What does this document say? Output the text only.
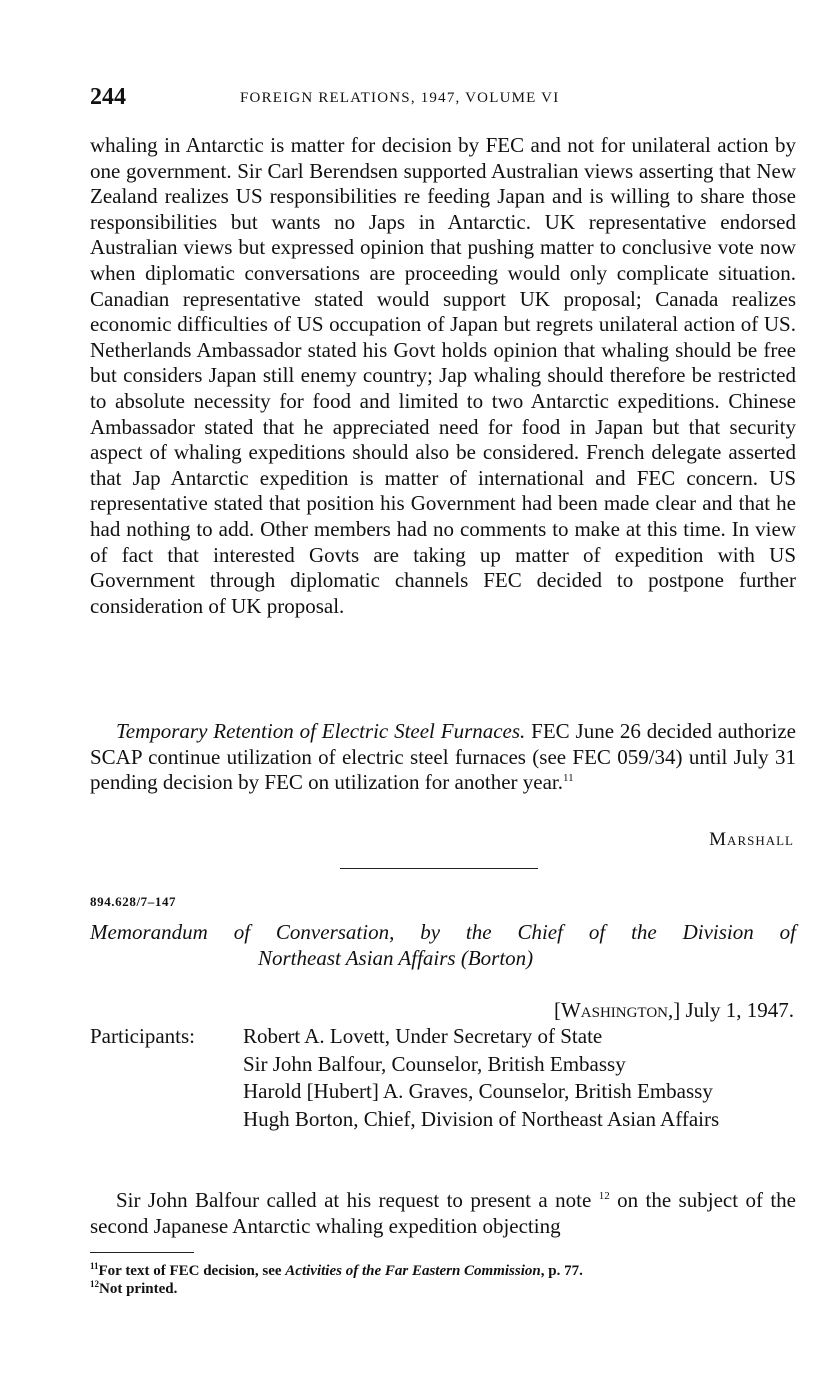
244	FOREIGN RELATIONS, 1947, VOLUME VI

whaling in Antarctic is matter for decision by FEC and not for unilateral action by one government. Sir Carl Berendsen supported Australian views asserting that New Zealand realizes US responsibilities re feeding Japan and is willing to share those responsibilities but wants no Japs in Antarctic. UK representative endorsed Australian views but expressed opinion that pushing matter to conclusive vote now when diplomatic conversations are proceeding would only complicate situation. Canadian representative stated would support UK proposal; Canada realizes economic difficulties of US occupation of Japan but regrets unilateral action of US. Netherlands Ambassador stated his Govt holds opinion that whaling should be free but considers Japan still enemy country; Jap whaling should therefore be restricted to absolute necessity for food and limited to two Antarctic expeditions. Chinese Ambassador stated that he appreciated need for food in Japan but that security aspect of whaling expeditions should also be considered. French delegate asserted that Jap Antarctic expedition is matter of international and FEC concern. US representative stated that position his Government had been made clear and that he had nothing to add. Other members had no comments to make at this time. In view of fact that interested Govts are taking up matter of expedition with US Government through diplomatic channels FEC decided to postpone further consideration of UK proposal.

Temporary Retention of Electric Steel Furnaces. FEC June 26 decided authorize SCAP continue utilization of electric steel furnaces (see FEC 059/34) until July 31 pending decision by FEC on utilization for another year.$^{11}$

Marshall
894.628/7–147
Memorandum of Conversation, by the Chief of the Division of
Northeast Asian Affairs (Borton)
[Washington,] July 1, 1947.
Participants: Robert A. Lovett, Under Secretary of State
Sir John Balfour, Counselor, British Embassy
Harold [Hubert] A. Graves, Counselor, British Embassy
Hugh Borton, Chief, Division of Northeast Asian Affairs

Sir John Balfour called at his request to present a note $^{12}$ on the subject of the second Japanese Antarctic whaling expedition objecting

$^{11}$For text of FEC decision, see Activities of the Far Eastern Commission, p. 77.

$^{12}$Not printed.
